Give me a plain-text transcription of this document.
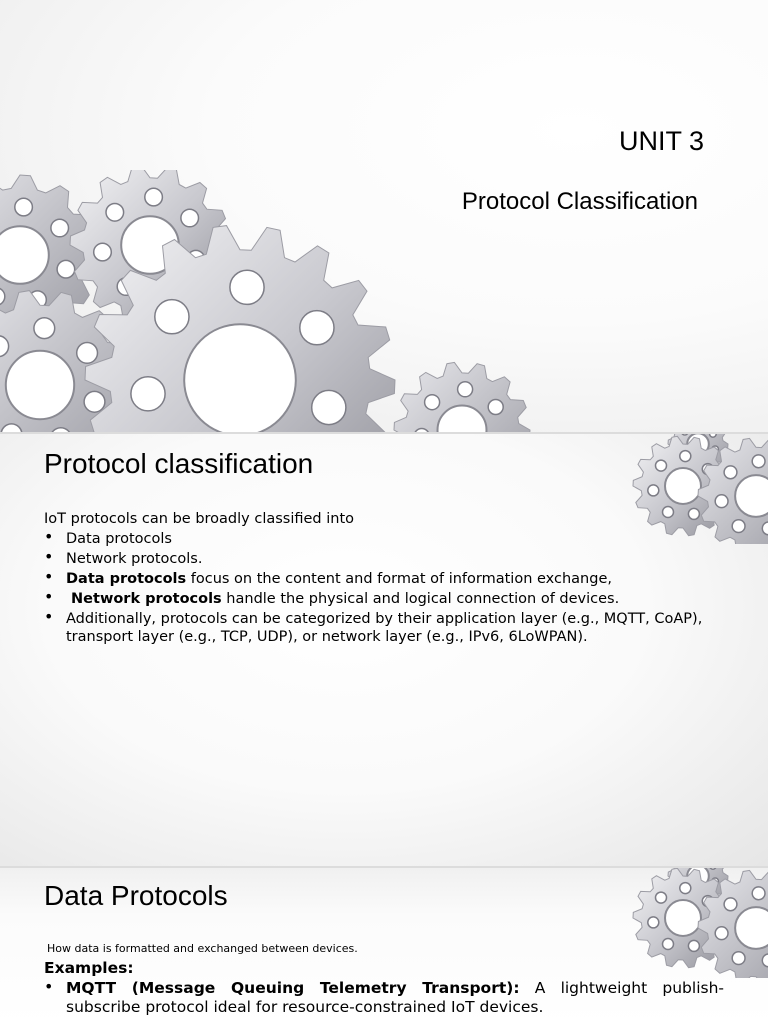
UNIT 3
Protocol Classification
Protocol classification
IoT protocols can be broadly classified into
• Data protocols
• Network protocols.
• Data protocols focus on the content and format of information exchange,
•  Network protocols handle the physical and logical connection of devices.
• Additionally, protocols can be categorized by their application layer (e.g., MQTT, CoAP), transport layer (e.g., TCP, UDP), or network layer (e.g., IPv6, 6LoWPAN).
Data Protocols
How data is formatted and exchanged between devices.
Examples:
• MQTT (Message Queuing Telemetry Transport): A lightweight publish-subscribe protocol ideal for resource-constrained IoT devices.
